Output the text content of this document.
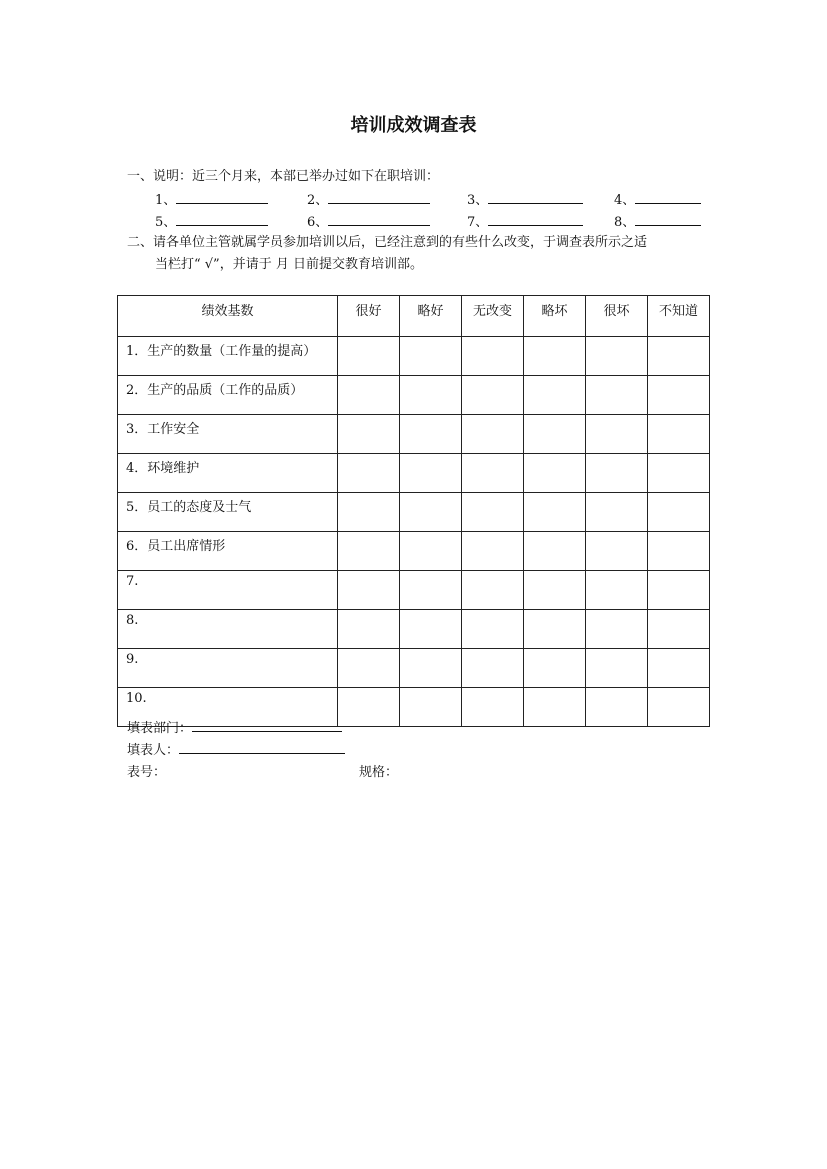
培训成效调查表
一、说明：近三个月来，本部已举办过如下在职培训：
1、	2、	3、	4、
5、	6、	7、	8、
二、请各单位主管就属学员参加培训以后，已经注意到的有些什么改变，于调查表所示之适
当栏打“ √”，并请于 月 日前提交教育培训部。
绩效基数	很好	略好	无改变	略坏	很坏	不知道
1．生产的数量（工作量的提高）						
2．生产的品质（工作的品质）						
3．工作安全						
4．环境维护						
5．员工的态度及士气						
6．员工出席情形						
7.						
8.						
9.						
10.						
填表部门：
填表人：
表号：	规格：
